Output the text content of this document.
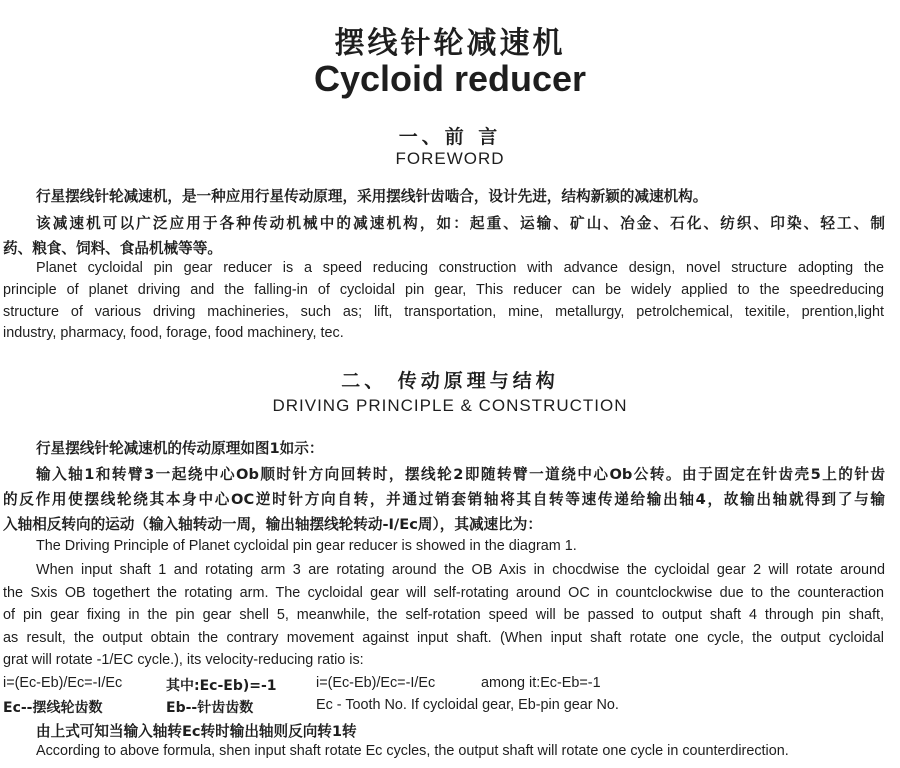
摆线针轮减速机
Cycloid reducer
一、前 言
FOREWORD
行星摆线针轮减速机，是一种应用行星传动原理，采用摆线针齿啮合，设计先进，结构新颖的减速机构。
该减速机可以广泛应用于各种传动机械中的减速机构，如：起重、运输、矿山、冶金、石化、纺织、印染、轻工、制
药、粮食、饲料、食品机械等等。
Planet cycloidal pin gear reducer is a speed reducing construction with advance design, novel structure adopting the
principle of planet driving and the falling-in of cycloidal pin gear, This reducer can be widely applied to the speedreducing
structure of various driving machineries, such as; lift, transportation, mine, metallurgy, petrolchemical, texitile, prention,light
industry, pharmacy, food, forage, food machinery, tec.
二、 传动原理与结构
DRIVING PRINCIPLE & CONSTRUCTION
行星摆线针轮减速机的传动原理如图1如示：
输入轴1和转臂3一起绕中心Ob顺时针方向回转时，摆线轮2即随转臂一道绕中心Ob公转。由于固定在针齿壳5上的针齿
的反作用使摆线轮绕其本身中心OC逆时针方向自转，并通过销套销轴将其自转等速传递给输出轴4，故输出轴就得到了与输
入轴相反转向的运动（输入轴转动一周，输出轴摆线轮转动-I/Ec周），其减速比为：
The Driving Principle of Planet cycloidal pin gear reducer is showed in the diagram 1.
When input shaft 1 and rotating arm 3 are rotating around the OB Axis in chocdwise the cycloidal gear 2 will rotate around
the Sxis OB togethert the rotating arm. The cycloidal gear will self-rotating around OC in countclockwise due to the counteraction
of pin gear fixing in the pin gear shell 5, meanwhile, the self-rotation speed will be passed to output shaft 4 through pin shaft,
as result, the output obtain the contrary movement against input shaft. (When input shaft rotate one cycle, the output cycloidal
grat will rotate -1/EC cycle.), its velocity-reducing ratio is:
i=(Ec-Eb)/Ec=-I/Ec	其中:Ec-Eb)=-1	i=(Ec-Eb)/Ec=-I/Ec	among it:Ec-Eb=-1
Ec--摆线轮齿数	Eb--针齿齿数	Ec - Tooth No. If cycloidal gear, Eb-pin gear No.
由上式可知当输入轴转Ec转时输出轴则反向转1转
According to above formula, shen input shaft rotate Ec cycles, the output shaft will rotate one cycle in counterdirection.
